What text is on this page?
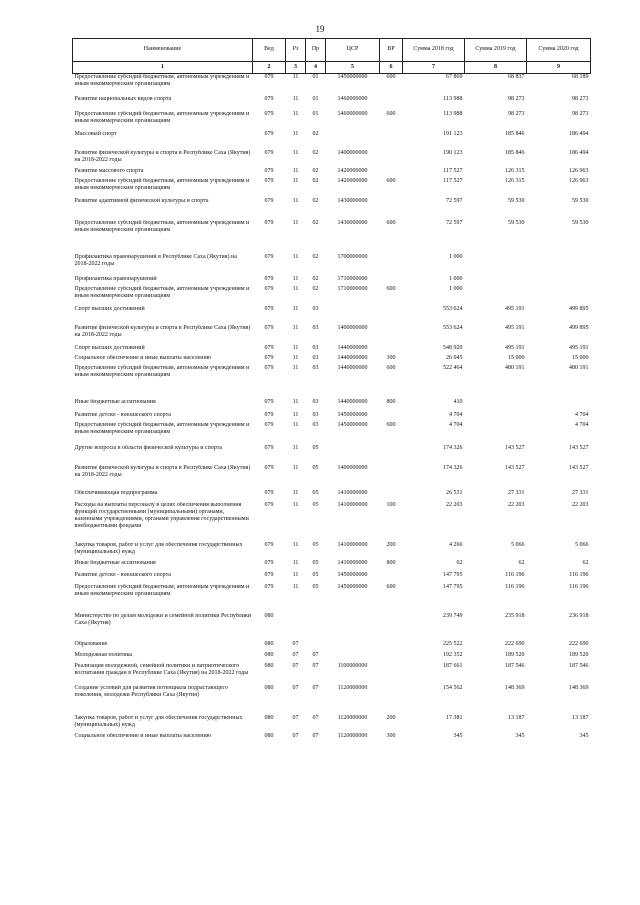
19
Наименование	Вед	Рз	Пр	ЦСР	ВР	Сумма 2018 год	Сумма 2019 год	Сумма 2020 год
1	2	3	4	5	6	7	8	9
Предоставление субсидий бюджетным, автономным учреждениям и иным некоммерческим организациям	079	11	01	1450000000	600	67 869	68 837	68 189
Развитие национальных видов спорта	079	11	01	1460000000		113 988	98 273	98 273
Предоставление субсидий бюджетным, автономным учреждениям и иным некоммерческим организациям	079	11	01	1460000000	600	113 988	98 273	98 273
Массовый спорт	079	11	02			191 123	185 846	186 494
Развитие физической культуры и спорта в Республике Саха (Якутия) на 2018-2022 годы	079	11	02	1400000000		190 123	185 846	186 494
Развитие массового спорта	079	11	02	1420000000		117 527	126 315	126 963
Предоставление субсидий бюджетным, автономным учреждениям и иным некоммерческим организациям	079	11	02	1420000000	600	117 527	126 315	126 963
Развитие адаптивной физической культуры и спорта	079	11	02	1430000000		72 597	59 530	59 530
Предоставление субсидий бюджетным, автономным учреждениям и иным некоммерческим организациям	079	11	02	1430000000	600	72 597	59 530	59 530
Профилактика правонарушений в Республике Саха (Якутия) на 2018-2022 годы	079	11	02	1700000000		1 000		
Профилактика правонарушений	079	11	02	1710000000		1 000		
Предоставление субсидий бюджетным, автономным учреждениям и иным некоммерческим организациям	079	11	02	1710000000	600	1 000		
Спорт высших достижений	079	11	03			553 624	495 191	499 895
Развитие физической культуры и спорта в Республике Саха (Якутия) на 2018-2022 годы	079	11	03	1400000000		553 624	495 191	499 895
Спорт высших достижений	079	11	03	1440000000		548 920	495 191	495 191
Социальное обеспечение и иные выплаты населению	079	11	03	1440000000	300	26 045	15 000	15 000
Предоставление субсидий бюджетным, автономным учреждениям и иным некоммерческим организациям	079	11	03	1440000000	600	522 464	480 191	480 191
Иные бюджетные ассигнования	079	11	03	1440000000	800	410		
Развитие детско - юношеского спорта	079	11	03	1450000000		4 704		4 704
Предоставление субсидий бюджетным, автономным учреждениям и иным некоммерческим организациям	079	11	03	1450000000	600	4 704		4 704
Другие вопросы в области физической культуры и спорта	079	11	05			174 326	143 527	143 527
Развитие физической культуры и спорта в Республике Саха (Якутия) на 2018-2022 годы	079	11	05	1400000000		174 326	143 527	143 527
Обеспечивающая подпрограмма	079	11	05	1410000000		26 531	27 331	27 331
Расходы на выплаты персоналу в целях обеспечения выполнения функций государственными (муниципальными) органами, казенными учреждениями, органами управления государственными внебюджетными фондами	079	11	05	1410000000	100	22 203	22 203	22 203
Закупка товаров, работ и услуг для обеспечения государственных (муниципальных) нужд	079	11	05	1410000000	200	4 266	5 066	5 066
Иные бюджетные ассигнования	079	11	05	1410000000	800	62	62	62
Развитие детско - юношеского спорта	079	11	05	1450000000		147 795	116 196	116 196
Предоставление субсидий бюджетным, автономным учреждениям и иным некоммерческим организациям	079	11	05	1450000000	600	147 795	116 196	116 196
Министерство по делам молодежи и семейной политики Республики Саха (Якутия)	080					239 749	235 918	236 918
Образование	080	07				225 522	222 690	222 690
Молодежная политика	080	07	07			192 352	189 520	189 520
Реализация молодежной, семейной политики и патриотического воспитания граждан в Республике Саха (Якутия) на 2018-2022 годы	080	07	07	1100000000		187 661	187 546	187 546
Создание условий для развития потенциала подрастающего поколения, молодежи Республики Саха (Якутия)	080	07	07	1120000000		154 562	148 369	148 369
Закупка товаров, работ и услуг для обеспечения государственных (муниципальных) нужд	080	07	07	1120000000	200	17 381	13 187	13 187
Социальное обеспечение и иные выплаты населению	080	07	07	1120000000	300	345	345	345
